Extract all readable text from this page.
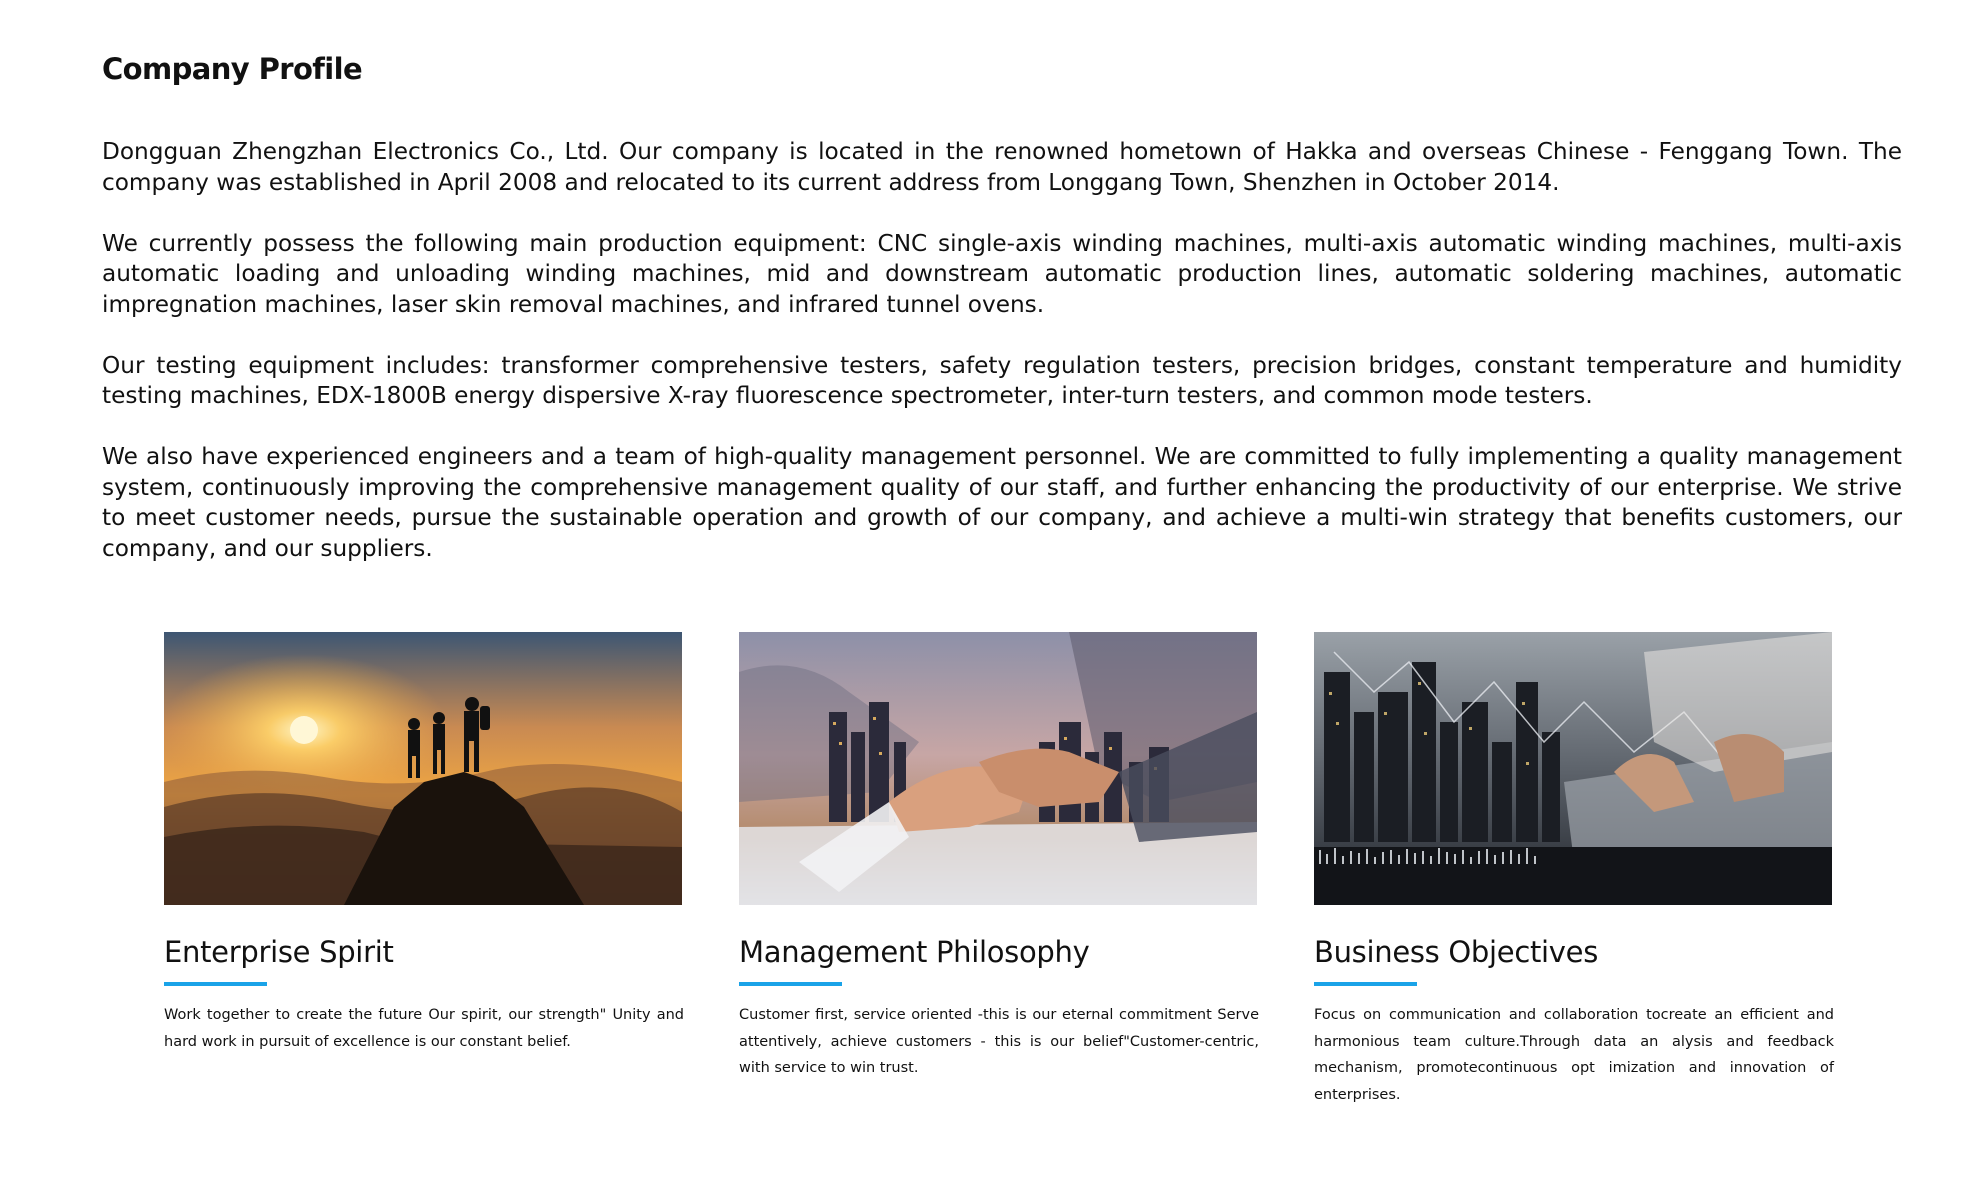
Company Profile

Dongguan Zhengzhan Electronics Co., Ltd. Our company is located in the renowned hometown of Hakka and overseas Chinese - Fenggang Town. The company was established in April 2008 and relocated to its current address from Longgang Town, Shenzhen in October 2014.

We currently possess the following main production equipment: CNC single-axis winding machines, multi-axis automatic winding machines, multi-axis automatic loading and unloading winding machines, mid and downstream automatic production lines, automatic soldering machines, automatic impregnation machines, laser skin removal machines, and infrared tunnel ovens.

Our testing equipment includes: transformer comprehensive testers, safety regulation testers, precision bridges, constant temperature and humidity testing machines, EDX-1800B energy dispersive X-ray fluorescence spectrometer, inter-turn testers, and common mode testers.

We also have experienced engineers and a team of high-quality management personnel. We are committed to fully implementing a quality management system, continuously improving the comprehensive management quality of our staff, and further enhancing the productivity of our enterprise. We strive to meet customer needs, pursue the sustainable operation and growth of our company, and achieve a multi-win strategy that benefits customers, our company, and our suppliers.

Enterprise Spirit

Work together to create the future Our spirit, our strength" Unity and hard work in pursuit of excellence is our constant belief.

Management Philosophy

Customer first, service oriented -this is our eternal commitment Serve attentively, achieve customers - this is our belief"Customer-centric, with service to win trust.

Business Objectives

Focus on communication and collaboration tocreate an efficient and harmonious team culture.Through data an alysis and feedback mechanism, promotecontinuous opt imization and innovation of enterprises.
